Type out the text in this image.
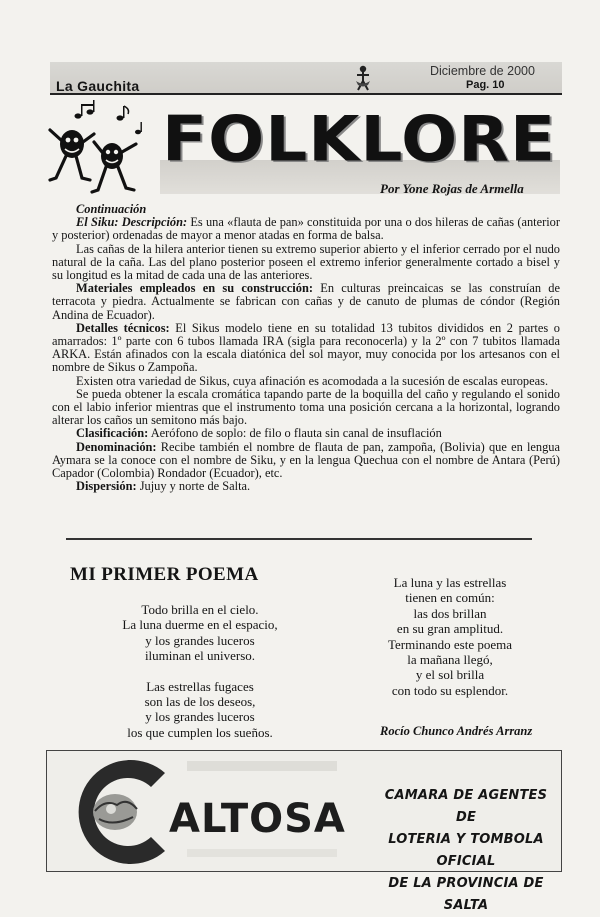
La Gauchita
Diciembre de 2000
Pag. 10
FOLKLORE
Por Yone Rojas de Armella

Continuación

El Siku: Descripción: Es una «flauta de pan» constituida por una o dos hileras de cañas (anterior y posterior) ordenadas de mayor a menor atadas en forma de balsa.

Las cañas de la hilera anterior tienen su extremo superior abierto y el inferior cerrado por el nudo natural de la caña. Las del plano posterior poseen el extremo inferior generalmente cortado a bisel y su longitud es la mitad de cada una de las anteriores.

Materiales empleados en su construcción: En culturas preincaicas se las construían de terracota y piedra. Actualmente se fabrican con cañas y de canuto de plumas de cóndor (Región Andina de Ecuador).

Detalles técnicos: El Sikus modelo tiene en su totalidad 13 tubitos divididos en 2 partes o amarrados: 1º parte con 6 tubos llamada IRA (sigla para reconocerla) y la 2º con 7 tubitos llamada ARKA. Están afinados con la escala diatónica del sol mayor, muy conocida por los artesanos con el nombre de Sikus o Zampoña.

Existen otra variedad de Sikus, cuya afinación es acomodada a la sucesión de escalas europeas.

Se pueda obtener la escala cromática tapando parte de la boquilla del caño y regulando el sonido con el labio inferior mientras que el instrumento toma una posición cercana a la horizontal, logrando alterar los caños un semitono más bajo.

Clasificación: Aerófono de soplo: de filo o flauta sin canal de insuflación

Denominación: Recibe también el nombre de flauta de pan, zampoña, (Bolivia) que en lengua Aymara se la conoce con el nombre de Siku, y en la lengua Quechua con el nombre de Antara (Perú) Capador (Colombia) Rondador (Ecuador), etc.

Dispersión: Jujuy y norte de Salta.

MI PRIMER POEMA
Todo brilla en el cielo.
La luna duerme en el espacio,
y los grandes luceros
iluminan el universo.
Las estrellas fugaces
son las de los deseos,
y los grandes luceros
los que cumplen los sueños.
La luna y las estrellas
tienen en común:
las dos brillan
en su gran amplitud.
Terminando este poema
la mañana llegó,
y el sol brilla
con todo su esplendor.
Rocío Chunco Andrés Arranz
ALTOSA
CAMARA DE AGENTES DE
LOTERIA Y TOMBOLA OFICIAL
DE LA PROVINCIA DE SALTA
